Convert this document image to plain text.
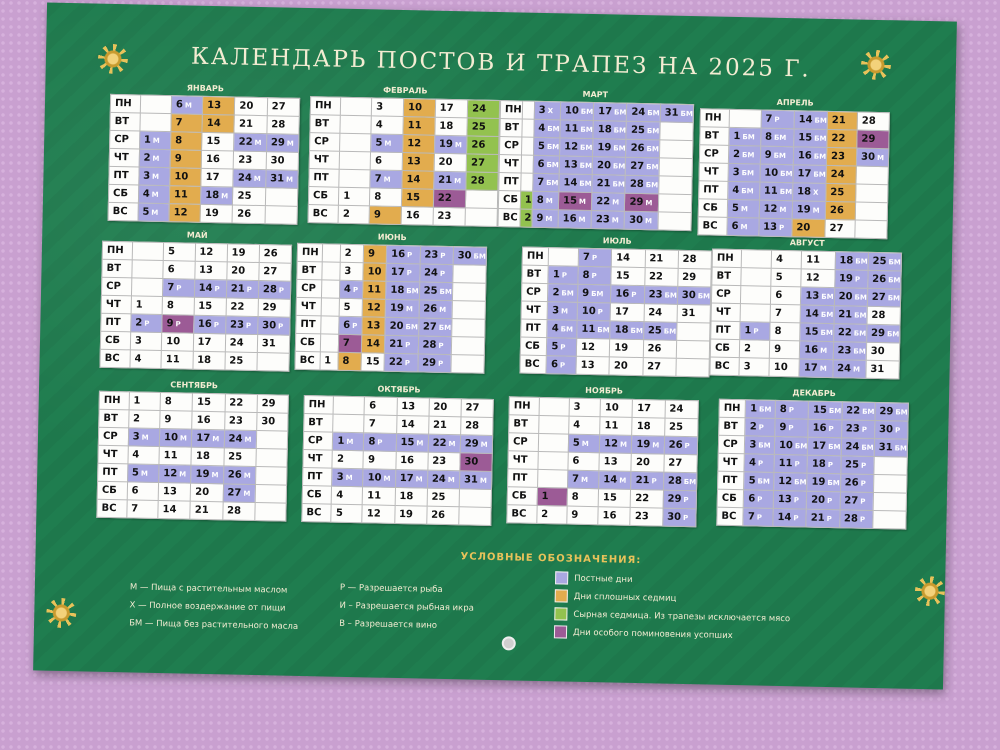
КАЛЕНДАРЬ ПОСТОВ И ТРАПЕЗ НА 2025 Г.
ЯНВАРЬ
ПН		6 М	13	20	27
ВТ		7	14	21	28
СР	1 М	8	15	22 М	29 М
ЧТ	2 М	9	16	23	30
ПТ	3 М	10	17	24 М	31 М
СБ	4 М	11	18 М	25	
ВС	5 М	12	19	26	
ФЕВРАЛЬ
ПН		3	10	17	24
ВТ		4	11	18	25
СР		5 М	12	19 М	26
ЧТ		6	13	20	27
ПТ		7 М	14	21 М	28
СБ	1	8	15	22	
ВС	2	9	16	23	
МАРТ
ПН		3 Х	10 БМ	17 БМ	24 БМ	31 БМ
ВТ		4 БМ	11 БМ	18 БМ	25 БМ	
СР		5 БМ	12 БМ	19 БМ	26 БМ	
ЧТ		6 БМ	13 БМ	20 БМ	27 БМ	
ПТ		7 БМ	14 БМ	21 БМ	28 БМ	
СБ	1	8 М	15 М	22 М	29 М	
ВС	2	9 М	16 М	23 М	30 М	
АПРЕЛЬ
ПН		7 Р	14 БМ	21	28
ВТ	1 БМ	8 БМ	15 БМ	22	29
СР	2 БМ	9 БМ	16 БМ	23	30 М
ЧТ	3 БМ	10 БМ	17 БМ	24	
ПТ	4 БМ	11 БМ	18 Х	25	
СБ	5 М	12 М	19 М	26	
ВС	6 М	13 Р	20	27	
МАЙ
ПН		5	12	19	26
ВТ		6	13	20	27
СР		7 Р	14 Р	21 Р	28 Р
ЧТ	1	8	15	22	29
ПТ	2 Р	9 Р	16 Р	23 Р	30 Р
СБ	3	10	17	24	31
ВС	4	11	18	25	
ИЮНЬ
ПН		2	9	16 Р	23 Р	30 БМ
ВТ		3	10	17 Р	24 Р	
СР		4 Р	11	18 БМ	25 БМ	
ЧТ		5	12	19 М	26 М	
ПТ		6 Р	13	20 БМ	27 БМ	
СБ		7	14	21 Р	28 Р	
ВС	1	8	15	22 Р	29 Р	
ИЮЛЬ
ПН		7 Р	14	21	28
ВТ	1 Р	8 Р	15	22	29
СР	2 БМ	9 БМ	16 Р	23 БМ	30 БМ
ЧТ	3 М	10 Р	17	24	31
ПТ	4 БМ	11 БМ	18 БМ	25 БМ	
СБ	5 Р	12	19	26	
ВС	6 Р	13	20	27	
АВГУСТ
ПН		4	11	18 БМ	25 БМ
ВТ		5	12	19 Р	26 БМ
СР		6	13 БМ	20 БМ	27 БМ
ЧТ		7	14 БМ	21 БМ	28
ПТ	1 Р	8	15 БМ	22 БМ	29 БМ
СБ	2	9	16 М	23 БМ	30
ВС	3	10	17 М	24 М	31
СЕНТЯБРЬ
ПН	1	8	15	22	29
ВТ	2	9	16	23	30
СР	3 М	10 М	17 М	24 М	
ЧТ	4	11	18	25	
ПТ	5 М	12 М	19 М	26 М	
СБ	6	13	20	27 М	
ВС	7	14	21	28	
ОКТЯБРЬ
ПН		6	13	20	27
ВТ		7	14	21	28
СР	1 М	8 Р	15 М	22 М	29 М
ЧТ	2	9	16	23	30
ПТ	3 М	10 М	17 М	24 М	31 М
СБ	4	11	18	25	
ВС	5	12	19	26	
НОЯБРЬ
ПН		3	10	17	24
ВТ		4	11	18	25
СР		5 М	12 М	19 М	26 Р
ЧТ		6	13	20	27
ПТ		7 М	14 М	21 Р	28 БМ
СБ	1	8	15	22	29 Р
ВС	2	9	16	23	30 Р
ДЕКАБРЬ
ПН	1 БМ	8 Р	15 БМ	22 БМ	29 БМ
ВТ	2 Р	9 Р	16 Р	23 Р	30 Р
СР	3 БМ	10 БМ	17 БМ	24 БМ	31 БМ
ЧТ	4 Р	11 Р	18 Р	25 Р	
ПТ	5 БМ	12 БМ	19 БМ	26 Р	
СБ	6 Р	13 Р	20 Р	27 Р	
ВС	7 Р	14 Р	21 Р	28 Р	
УСЛОВНЫЕ ОБОЗНАЧЕНИЯ:
М — Пища с растительным маслом
Х — Полное воздержание от пищи
БМ — Пища без растительного масла
Р — Разрешается рыба
И – Разрешается рыбная икра
В – Разрешается вино
Постные дни
Дни сплошных седмиц
Сырная седмица. Из трапезы исключается мясо
Дни особого поминовения усопших
